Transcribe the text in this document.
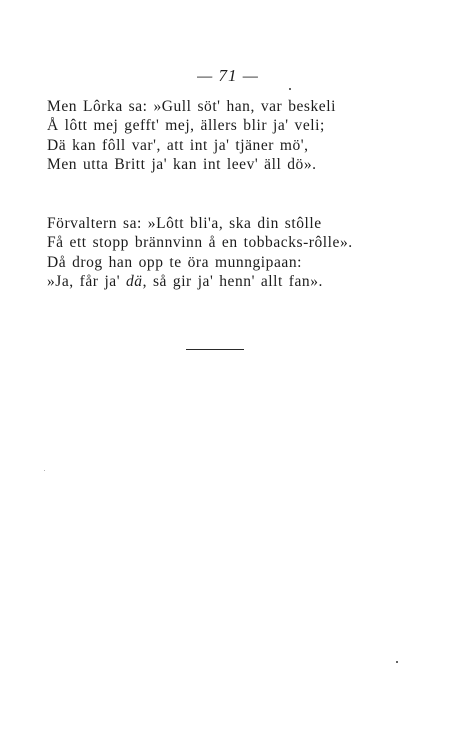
— 71 —
Men Lôrka sa: »Gull söt' han, var beskeli
Å lôtt mej gefft' mej, ällers blir ja' veli;
Dä kan fôll var', att int ja' tjäner mö',
Men utta Britt ja' kan int leev' äll dö».
Förvaltern sa: »Lôtt bli'a, ska din stôlle
Få ett stopp brännvinn å en tobbacks-rôlle».
Då drog han opp te öra munngipaan:
»Ja, får ja' dä, så gir ja' henn' allt fan».
